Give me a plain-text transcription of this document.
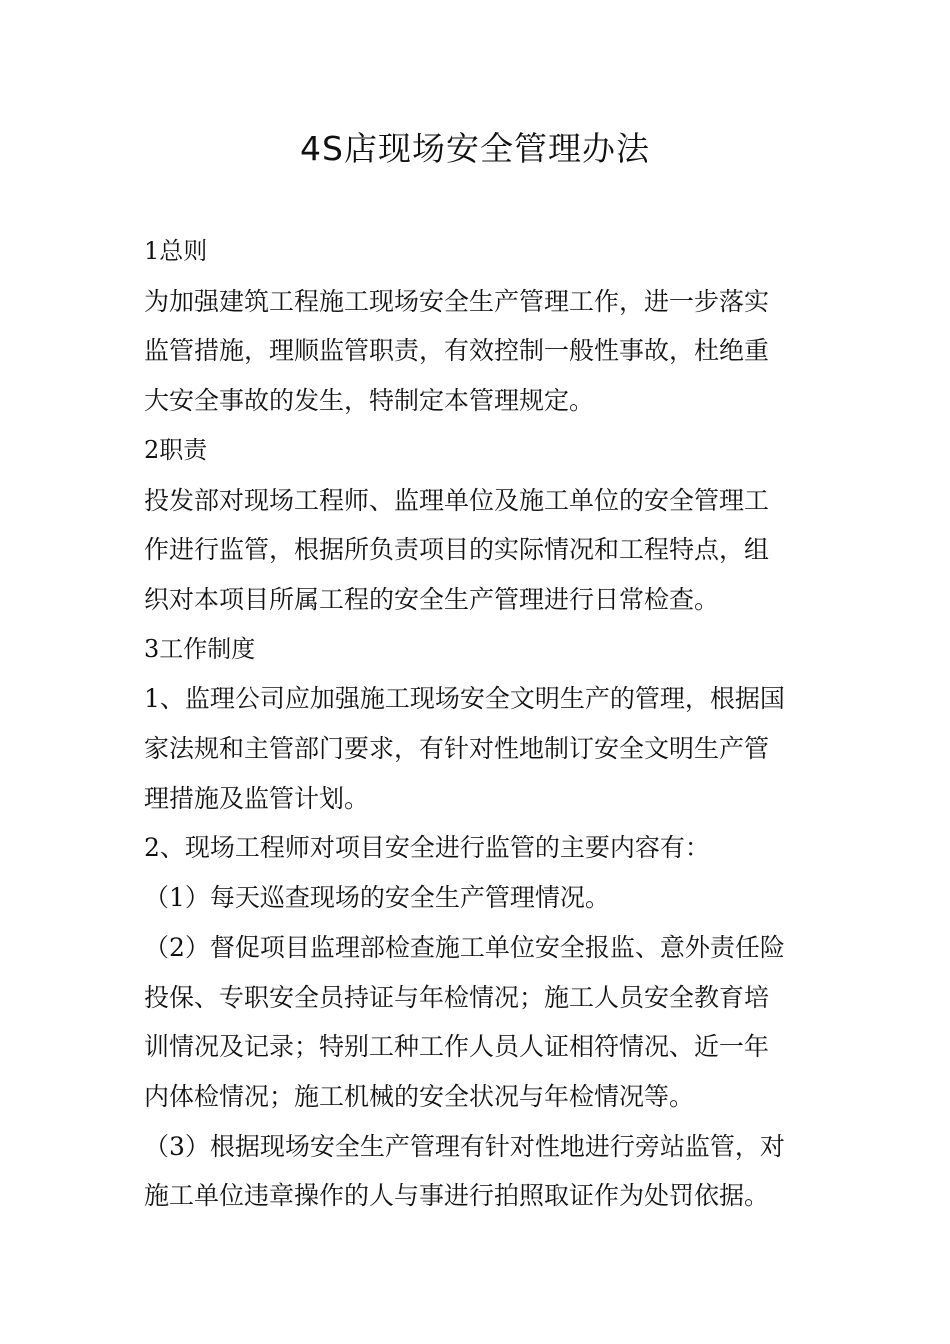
4S店现场安全管理办法
1总则
为加强建筑工程施工现场安全生产管理工作，进一步落实
监管措施，理顺监管职责，有效控制一般性事故，杜绝重
大安全事故的发生，特制定本管理规定。
2职责
投发部对现场工程师、监理单位及施工单位的安全管理工
作进行监管，根据所负责项目的实际情况和工程特点，组
织对本项目所属工程的安全生产管理进行日常检查。
3工作制度
1、监理公司应加强施工现场安全文明生产的管理，根据国
家法规和主管部门要求，有针对性地制订安全文明生产管
理措施及监管计划。
2、现场工程师对项目安全进行监管的主要内容有：
（1）每天巡查现场的安全生产管理情况。
（2）督促项目监理部检查施工单位安全报监、意外责任险
投保、专职安全员持证与年检情况；施工人员安全教育培
训情况及记录；特别工种工作人员人证相符情况、近一年
内体检情况；施工机械的安全状况与年检情况等。
（3）根据现场安全生产管理有针对性地进行旁站监管，对
施工单位违章操作的人与事进行拍照取证作为处罚依据。
